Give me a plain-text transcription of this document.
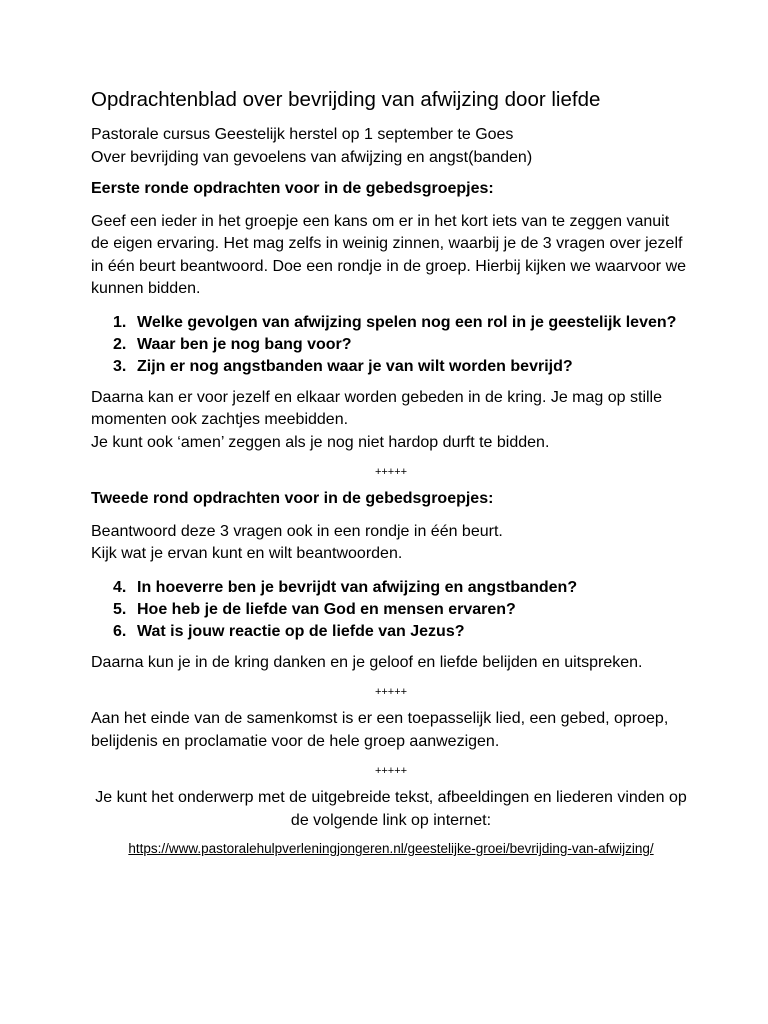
Opdrachtenblad over bevrijding van afwijzing door liefde

Pastorale cursus Geestelijk herstel op 1 september te Goes

Over bevrijding van gevoelens van afwijzing en angst(banden)

Eerste ronde opdrachten voor in de gebedsgroepjes:

Geef een ieder in het groepje een kans om er in het kort iets van te zeggen vanuit de eigen ervaring. Het mag zelfs in weinig zinnen, waarbij je de 3 vragen over jezelf in één beurt beantwoord. Doe een rondje in de groep. Hierbij kijken we waarvoor we kunnen bidden.

1. Welke gevolgen van afwijzing spelen nog een rol in je geestelijk leven?
2. Waar ben je nog bang voor?
3. Zijn er nog angstbanden waar je van wilt worden bevrijd?

Daarna kan er voor jezelf en elkaar worden gebeden in de kring. Je mag op stille momenten ook zachtjes meebidden.

Je kunt ook ‘amen’ zeggen als je nog niet hardop durft te bidden.

+++++

Tweede rond opdrachten voor in de gebedsgroepjes:

Beantwoord deze 3 vragen ook in een rondje in één beurt.

Kijk wat je ervan kunt en wilt beantwoorden.

4. In hoeverre ben je bevrijdt van afwijzing en angstbanden?
5. Hoe heb je de liefde van God en mensen ervaren?
6. Wat is jouw reactie op de liefde van Jezus?

Daarna kun je in de kring danken en je geloof en liefde belijden en uitspreken.

+++++

Aan het einde van de samenkomst is er een toepasselijk lied, een gebed, oproep, belijdenis en proclamatie voor de hele groep aanwezigen.

+++++

Je kunt het onderwerp met de uitgebreide tekst, afbeeldingen en liederen vinden op de volgende link op internet:

https://www.pastoralehulpverleningjongeren.nl/geestelijke-groei/bevrijding-van-afwijzing/
